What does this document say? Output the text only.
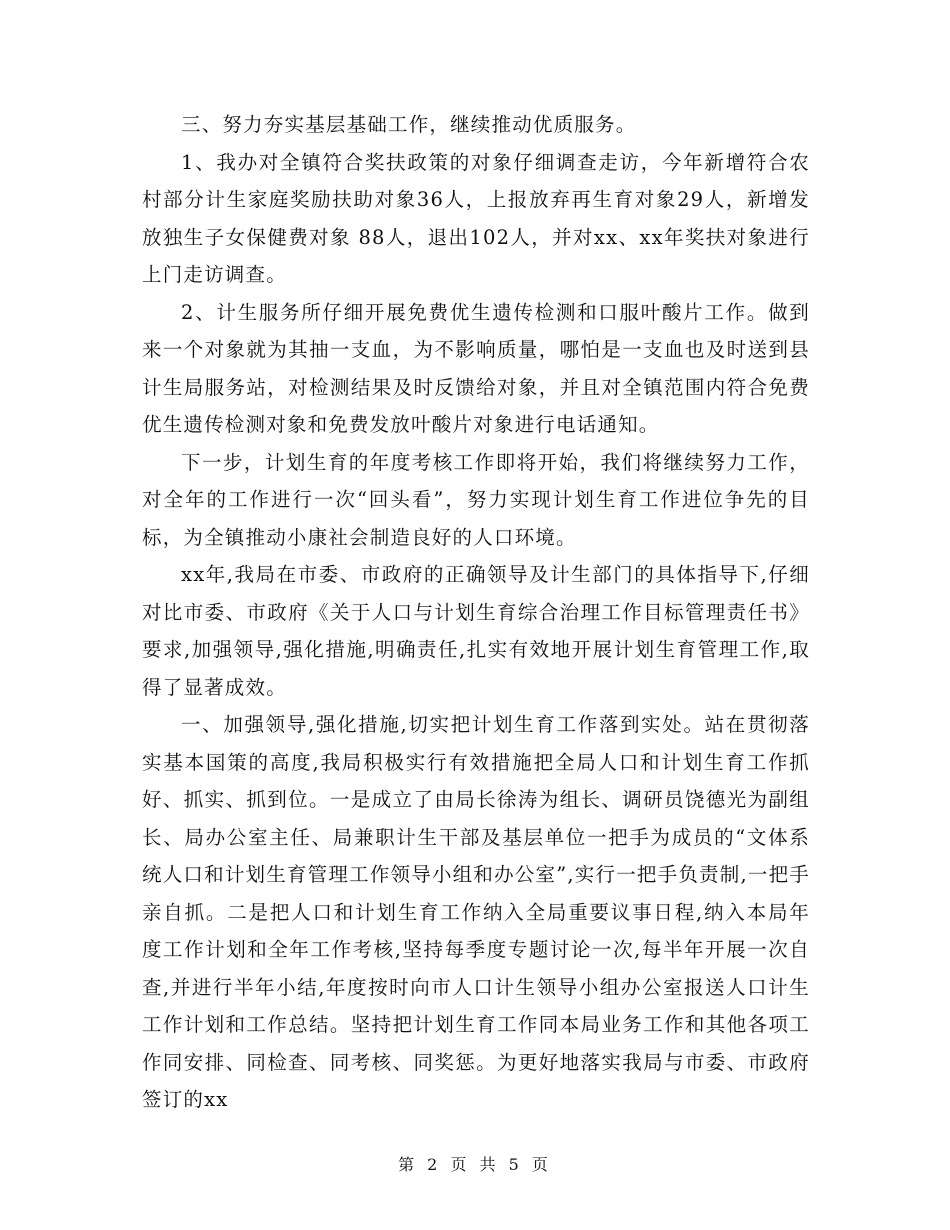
三、努力夯实基层基础工作，继续推动优质服务。

1、我办对全镇符合奖扶政策的对象仔细调查走访，今年新增符合农村部分计生家庭奖励扶助对象36人，上报放弃再生育对象29人，新增发放独生子女保健费对象 88人，退出102人，并对xx、xx年奖扶对象进行上门走访调查。

2、计生服务所仔细开展免费优生遗传检测和口服叶酸片工作。做到来一个对象就为其抽一支血，为不影响质量，哪怕是一支血也及时送到县计生局服务站，对检测结果及时反馈给对象，并且对全镇范围内符合免费优生遗传检测对象和免费发放叶酸片对象进行电话通知。

下一步，计划生育的年度考核工作即将开始，我们将继续努力工作，对全年的工作进行一次“回头看”，努力实现计划生育工作进位争先的目标，为全镇推动小康社会制造良好的人口环境。

xx年,我局在市委、市政府的正确领导及计生部门的具体指导下,仔细对比市委、市政府《关于人口与计划生育综合治理工作目标管理责任书》要求,加强领导,强化措施,明确责任,扎实有效地开展计划生育管理工作,取得了显著成效。

一、加强领导,强化措施,切实把计划生育工作落到实处。站在贯彻落实基本国策的高度,我局积极实行有效措施把全局人口和计划生育工作抓好、抓实、抓到位。一是成立了由局长徐涛为组长、调研员饶德光为副组长、局办公室主任、局兼职计生干部及基层单位一把手为成员的“文体系统人口和计划生育管理工作领导小组和办公室”,实行一把手负责制,一把手亲自抓。二是把人口和计划生育工作纳入全局重要议事日程,纳入本局年度工作计划和全年工作考核,坚持每季度专题讨论一次,每半年开展一次自查,并进行半年小结,年度按时向市人口计生领导小组办公室报送人口计生工作计划和工作总结。坚持把计划生育工作同本局业务工作和其他各项工作同安排、同检查、同考核、同奖惩。为更好地落实我局与市委、市政府签订的xx

第 2 页 共 5 页
